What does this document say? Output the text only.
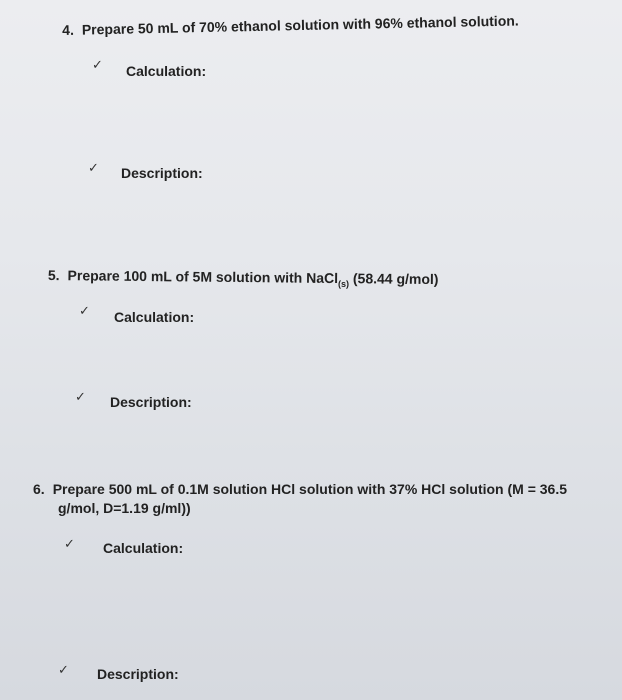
4. Prepare 50 mL of 70% ethanol solution with 96% ethanol solution.
✓ Calculation:
✓ Description:
5. Prepare 100 mL of 5M solution with NaCl$_{(s)}$ (58.44 g/mol)
✓ Calculation:
✓ Description:
6. Prepare 500 mL of 0.1M solution HCl solution with 37% HCl solution (M = 36.5
g/mol, D=1.19 g/ml))
✓ Calculation:
✓ Description:
